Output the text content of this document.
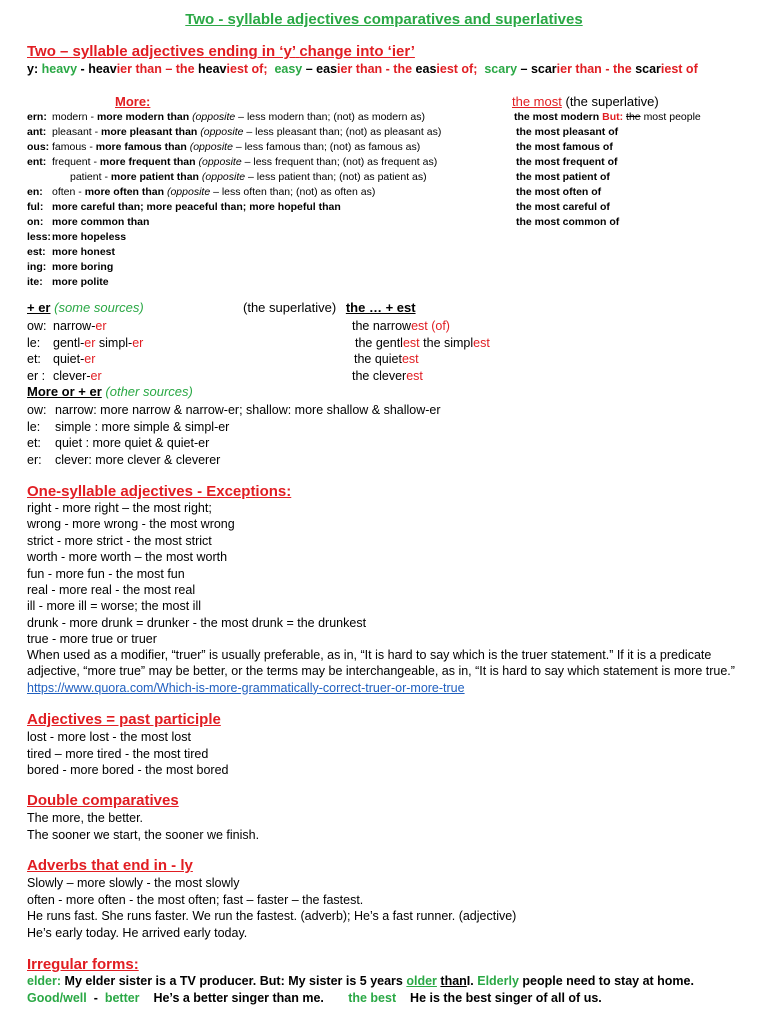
Two - syllable adjectives comparatives and superlatives
Two – syllable adjectives ending in ‘y’ change into ‘ier’
y: heavy - heavier than – the heaviest of; easy – easier than - the easiest of; scary – scarier than - the scariest of
More:	the most (the superlative)
ern: modern - more modern than (opposite – less modern than; (not) as modern as)
ant: pleasant - more pleasant than (opposite – less pleasant than; (not) as pleasant as)
ous: famous - more famous than (opposite – less famous than; (not) as famous as)
ent: frequent - more frequent than (opposite – less frequent than; (not) as frequent as)
patient - more patient than (opposite – less patient than; (not) as patient as)
en: often - more often than (opposite – less often than; (not) as often as)
ful: more careful than; more peaceful than; more hopeful than
on: more common than
less: more hopeless
est: more honest
ing: more boring
ite: more polite
the most modern But: the most people
the most pleasant of
the most famous of
the most frequent of
the most patient of
the most often of
the most careful of
the most common of
+ er (some sources)	(the superlative) the … + est
ow: narrow-er
le: gentl-er simpl-er
et: quiet-er
er : clever-er
the narrowest (of)
the gentlest the simplest
the quietest
the cleverest
More or + er (other sources)
ow: narrow: more narrow & narrow-er; shallow: more shallow & shallow-er
le: simple : more simple & simpl-er
et: quiet : more quiet & quiet-er
er: clever: more clever & cleverer
One-syllable adjectives - Exceptions:
right - more right – the most right;
wrong - more wrong - the most wrong
strict - more strict - the most strict
worth - more worth – the most worth
fun - more fun - the most fun
real - more real - the most real
ill - more ill = worse; the most ill
drunk - more drunk = drunker - the most drunk = the drunkest
true - more true or truer
When used as a modifier, “truer” is usually preferable, as in, “It is hard to say which is the truer statement.” If it is a predicate adjective, “more true” may be better, or the terms may be interchangeable, as in, “It is hard to say which statement is more true.” https://www.quora.com/Which-is-more-grammatically-correct-truer-or-more-true
Adjectives = past participle
lost - more lost - the most lost
tired – more tired - the most tired
bored - more bored - the most bored
Double comparatives
The more, the better.
The sooner we start, the sooner we finish.
Adverbs that end in - ly
Slowly – more slowly - the most slowly
often - more often - the most often; fast – faster – the fastest.
He runs fast. She runs faster. We run the fastest. (adverb); He’s a fast runner. (adjective)
He’s early today. He arrived early today.
Irregular forms:
elder: My elder sister is a TV producer. But: My sister is 5 years older thanI. Elderly people need to stay at home.
Good/well - better He’s a better singer than me. the best He is the best singer of all of us.
